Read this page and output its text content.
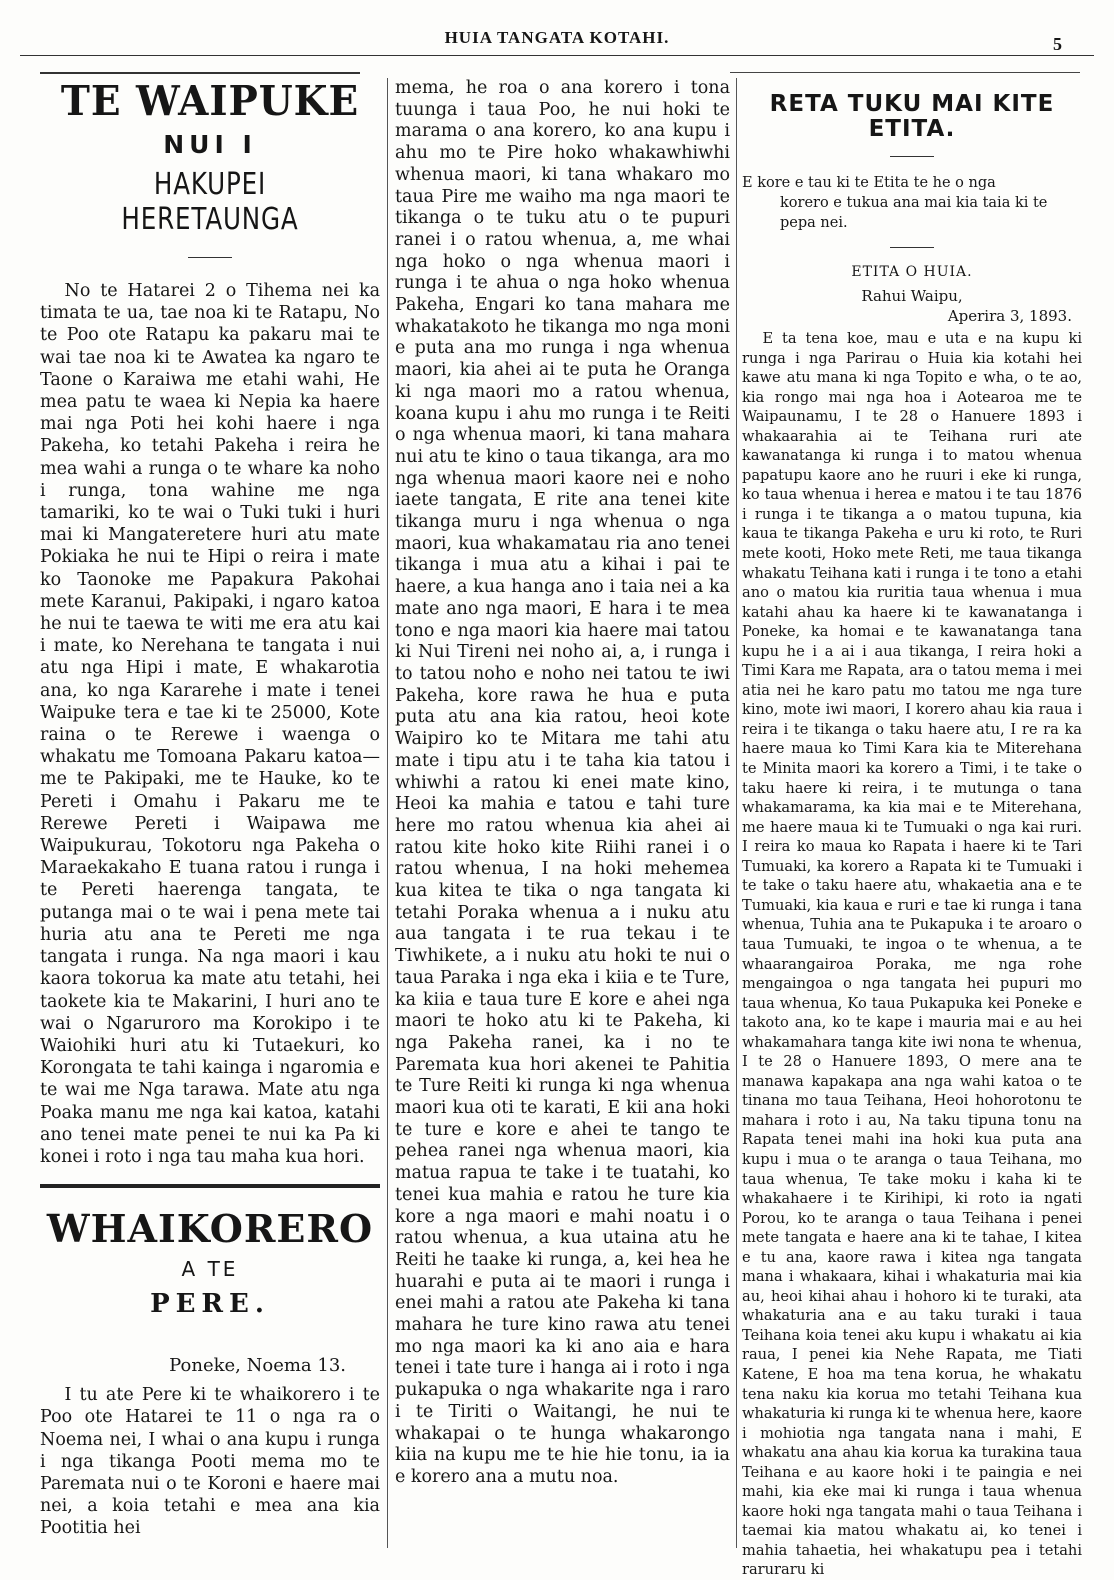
HUIA TANGATA KOTAHI.	5
TE WAIPUKE
NUI I
HAKUPEI HERETAUNGA

No te Hatarei 2 o Tihema nei ka timata te ua, tae noa ki te Ratapu, No te Poo ote Ratapu ka pakaru mai te wai tae noa ki te Awatea ka ngaro te Taone o Karaiwa me etahi wahi, He mea patu te waea ki Nepia ka haere mai nga Poti hei kohi haere i nga Pakeha, ko tetahi Pakeha i reira he mea wahi a runga o te whare ka noho i runga, tona wahine me nga tamariki, ko te wai o Tuki tuki i huri mai ki Mangateretere huri atu mate Pokiaka he nui te Hipi o reira i mate ko Taonoke me Papakura Pakohai mete Karanui, Pakipaki, i ngaro katoa he nui te taewa te witi me era atu kai i mate, ko Nerehana te tangata i nui atu nga Hipi i mate, E whakarotia ana, ko nga Kararehe i mate i tenei Waipuke tera e tae ki te 25000, Kote raina o te Rerewe i waenga o whakatu me Tomoana Pakaru katoa—me te Pakipaki, me te Hauke, ko te Pereti i Omahu i Pakaru me te Rerewe Pereti i Waipawa me Waipukurau, Tokotoru nga Pakeha o Maraekakaho E tuana ratou i runga i te Pereti haerenga tangata, te putanga mai o te wai i pena mete tai huria atu ana te Pereti me nga tangata i runga. Na nga maori i kau kaora tokorua ka mate atu tetahi, hei taokete kia te Makarini, I huri ano te wai o Ngaruroro ma Korokipo i te Waiohiki huri atu ki Tutaekuri, ko Korongata te tahi kainga i ngaromia e te wai me Nga tarawa. Mate atu nga Poaka manu me nga kai katoa, katahi ano tenei mate penei te nui ka Pa ki konei i roto i nga tau maha kua hori.

WHAIKORERO
A TE
PERE.
Poneke, Noema 13.

I tu ate Pere ki te whaikorero i te Poo ote Hatarei te 11 o nga ra o Noema nei, I whai o ana kupu i runga i nga tikanga Pooti mema mo te Paremata nui o te Koroni e haere mai nei, a koia tetahi e mea ana kia Pootitia hei

mema, he roa o ana korero i tona tuunga i taua Poo, he nui hoki te marama o ana korero, ko ana kupu i ahu mo te Pire hoko whakawhiwhi whenua maori, ki tana whakaro mo taua Pire me waiho ma nga maori te tikanga o te tuku atu o te pupuri ranei i o ratou whenua, a, me whai nga hoko o nga whenua maori i runga i te ahua o nga hoko whenua Pakeha, Engari ko tana mahara me whakatakoto he tikanga mo nga moni e puta ana mo runga i nga whenua maori, kia ahei ai te puta he Oranga ki nga maori mo a ratou whenua, koana kupu i ahu mo runga i te Reiti o nga whenua maori, ki tana mahara nui atu te kino o taua tikanga, ara mo nga whenua maori kaore nei e noho iaete tangata, E rite ana tenei kite tikanga muru i nga whenua o nga maori, kua whakamatau ria ano tenei tikanga i mua atu a kihai i pai te haere, a kua hanga ano i taia nei a ka mate ano nga maori, E hara i te mea tono e nga maori kia haere mai tatou ki Nui Tireni nei noho ai, a, i runga i to tatou noho e noho nei tatou te iwi Pakeha, kore rawa he hua e puta puta atu ana kia ratou, heoi kote Waipiro ko te Mitara me tahi atu mate i tipu atu i te taha kia tatou i whiwhi a ratou ki enei mate kino, Heoi ka mahia e tatou e tahi ture here mo ratou whenua kia ahei ai ratou kite hoko kite Riihi ranei i o ratou whenua, I na hoki mehemea kua kitea te tika o nga tangata ki tetahi Poraka whenua a i nuku atu aua tangata i te rua tekau i te Tiwhikete, a i nuku atu hoki te nui o taua Paraka i nga eka i kiia e te Ture, ka kiia e taua ture E kore e ahei nga maori te hoko atu ki te Pakeha, ki nga Pakeha ranei, ka i no te Paremata kua hori akenei te Pahitia te Ture Reiti ki runga ki nga whenua maori kua oti te karati, E kii ana hoki te ture e kore e ahei te tango te pehea ranei nga whenua maori, kia matua rapua te take i te tuatahi, ko tenei kua mahia e ratou he ture kia kore a nga maori e mahi noatu i o ratou whenua, a kua utaina atu he Reiti he taake ki runga, a, kei hea he huarahi e puta ai te maori i runga i enei mahi a ratou ate Pakeha ki tana mahara he ture kino rawa atu tenei mo nga maori ka ki ano aia e hara tenei i tate ture i hanga ai i roto i nga pukapuka o nga whakarite nga i raro i te Tiriti o Waitangi, he nui te whakapai o te hunga whakarongo kiia na kupu me te hie hie tonu, ia ia e korero ana a mutu noa.

RETA TUKU MAI KITE ETITA.

E kore e tau ki te Etita te he o nga

korero e tukua ana mai kia taia ki te pepa nei.

ETITA O HUIA.
Rahui Waipu,
Aperira 3, 1893.

E ta tena koe, mau e uta e na kupu ki runga i nga Parirau o Huia kia kotahi hei kawe atu mana ki nga Topito e wha, o te ao, kia rongo mai nga hoa i Aotearoa me te Waipaunamu, I te 28 o Hanuere 1893 i whakaarahia ai te Teihana ruri ate kawanatanga ki runga i to matou whenua papatupu kaore ano he ruuri i eke ki runga, ko taua whenua i herea e matou i te tau 1876 i runga i te tikanga a o matou tupuna, kia kaua te tikanga Pakeha e uru ki roto, te Ruri mete kooti, Hoko mete Reti, me taua tikanga whakatu Teihana kati i runga i te tono a etahi ano o matou kia ruritia taua whenua i mua katahi ahau ka haere ki te kawanatanga i Poneke, ka homai e te kawanatanga tana kupu he i a ai i aua tikanga, I reira hoki a Timi Kara me Rapata, ara o tatou mema i mei atia nei he karo patu mo tatou me nga ture kino, mote iwi maori, I korero ahau kia raua i reira i te tikanga o taku haere atu, I re ra ka haere maua ko Timi Kara kia te Miterehana te Minita maori ka korero a Timi, i te take o taku haere ki reira, i te mutunga o tana whakamarama, ka kia mai e te Miterehana, me haere maua ki te Tumuaki o nga kai ruri. I reira ko maua ko Rapata i haere ki te Tari Tumuaki, ka korero a Rapata ki te Tumuaki i te take o taku haere atu, whakaetia ana e te Tumuaki, kia kaua e ruri e tae ki runga i tana whenua, Tuhia ana te Pukapuka i te aroaro o taua Tumuaki, te ingoa o te whenua, a te whaarangairoa Poraka, me nga rohe mengaingoa o nga tangata hei pupuri mo taua whenua, Ko taua Pukapuka kei Poneke e takoto ana, ko te kape i mauria mai e au hei whakamahara tanga kite iwi nona te whenua, I te 28 o Hanuere 1893, O mere ana te manawa kapakapa ana nga wahi katoa o te tinana mo taua Teihana, Heoi hohorotonu te mahara i roto i au, Na taku tipuna tonu na Rapata tenei mahi ina hoki kua puta ana kupu i mua o te aranga o taua Teihana, mo taua whenua, Te take moku i kaha ki te whakahaere i te Kirihipi, ki roto ia ngati Porou, ko te aranga o taua Teihana i penei mete tangata e haere ana ki te tahae, I kitea e tu ana, kaore rawa i kitea nga tangata mana i whakaara, kihai i whakaturia mai kia au, heoi kihai ahau i hohoro ki te turaki, ata whakaturia ana e au taku turaki i taua Teihana koia tenei aku kupu i whakatu ai kia raua, I penei kia Nehe Rapata, me Tiati Katene, E hoa ma tena korua, he whakatu tena naku kia korua mo tetahi Teihana kua whakaturia ki runga ki te whenua here, kaore i mohiotia nga tangata nana i mahi, E whakatu ana ahau kia korua ka turakina taua Teihana e au kaore hoki i te paingia e nei mahi, kia eke mai ki runga i taua whenua kaore hoki nga tangata mahi o taua Teihana i taemai kia matou whakatu ai, ko tenei i mahia tahaetia, hei whakatupu pea i tetahi raruraru ki
